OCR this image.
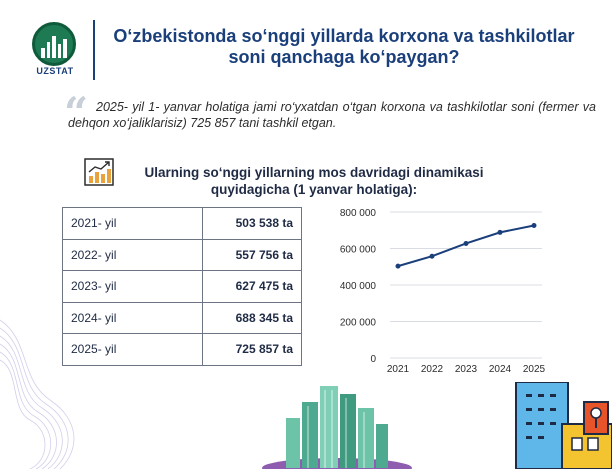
UZSTAT
O‘zbekistonda so‘nggi yillarda korxona va tashkilotlar soni qanchaga ko‘paygan?
“ 2025- yil 1- yanvar holatiga jami ro‘yxatdan o‘tgan korxona va tashkilotlar soni (fermer va dehqon xo‘jaliklarisiz) 725 857 tani tashkil etgan.
Ularning so‘nggi yillarning mos davridagi dinamikasi quyidagicha (1 yanvar holatiga):
2021- yil	503 538 ta
2022- yil	557 756 ta
2023- yil	627 475 ta
2024- yil	688 345 ta
2025- yil	725 857 ta
0
200 000
400 000
600 000
800 000
2021 2022 2023 2024 2025
